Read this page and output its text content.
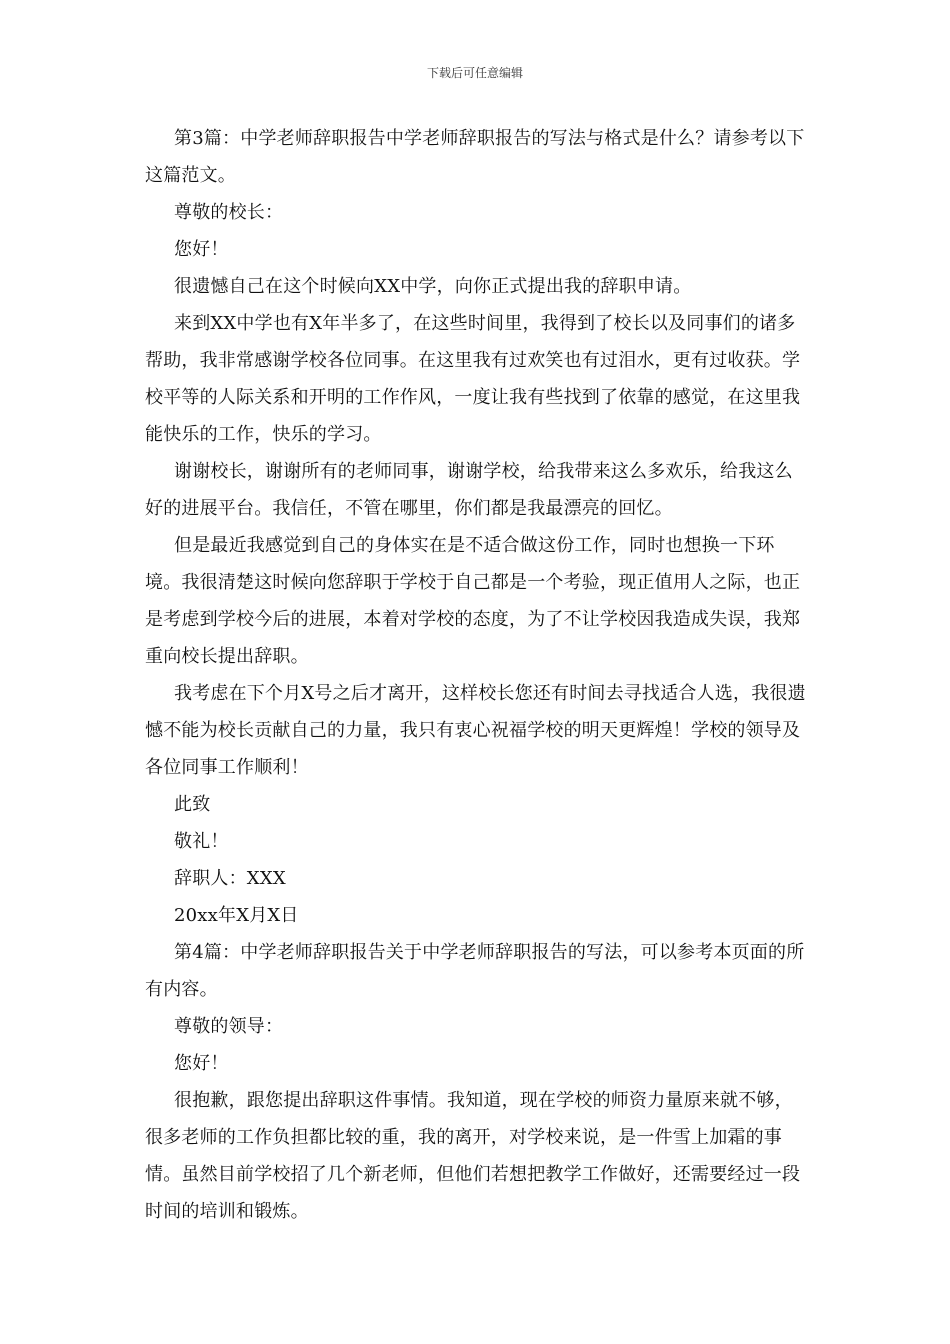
下载后可任意编辑

第3篇：中学老师辞职报告中学老师辞职报告的写法与格式是什么？请参考以下这篇范文。

尊敬的校长：

您好！

很遗憾自己在这个时候向XX中学，向你正式提出我的辞职申请。

来到XX中学也有X年半多了，在这些时间里，我得到了校长以及同事们的诸多帮助，我非常感谢学校各位同事。在这里我有过欢笑也有过泪水，更有过收获。学校平等的人际关系和开明的工作作风，一度让我有些找到了依靠的感觉，在这里我能快乐的工作，快乐的学习。

谢谢校长，谢谢所有的老师同事，谢谢学校，给我带来这么多欢乐，给我这么好的进展平台。我信任，不管在哪里，你们都是我最漂亮的回忆。

但是最近我感觉到自己的身体实在是不适合做这份工作，同时也想换一下环境。我很清楚这时候向您辞职于学校于自己都是一个考验，现正值用人之际，也正是考虑到学校今后的进展，本着对学校的态度，为了不让学校因我造成失误，我郑重向校长提出辞职。

我考虑在下个月X号之后才离开，这样校长您还有时间去寻找适合人选，我很遗憾不能为校长贡献自己的力量，我只有衷心祝福学校的明天更辉煌！学校的领导及各位同事工作顺利！

此致

敬礼！

辞职人：XXX

20xx年X月X日

第4篇：中学老师辞职报告关于中学老师辞职报告的写法，可以参考本页面的所有内容。

尊敬的领导：

您好！

很抱歉，跟您提出辞职这件事情。我知道，现在学校的师资力量原来就不够，很多老师的工作负担都比较的重，我的离开，对学校来说，是一件雪上加霜的事情。虽然目前学校招了几个新老师，但他们若想把教学工作做好，还需要经过一段时间的培训和锻炼。
